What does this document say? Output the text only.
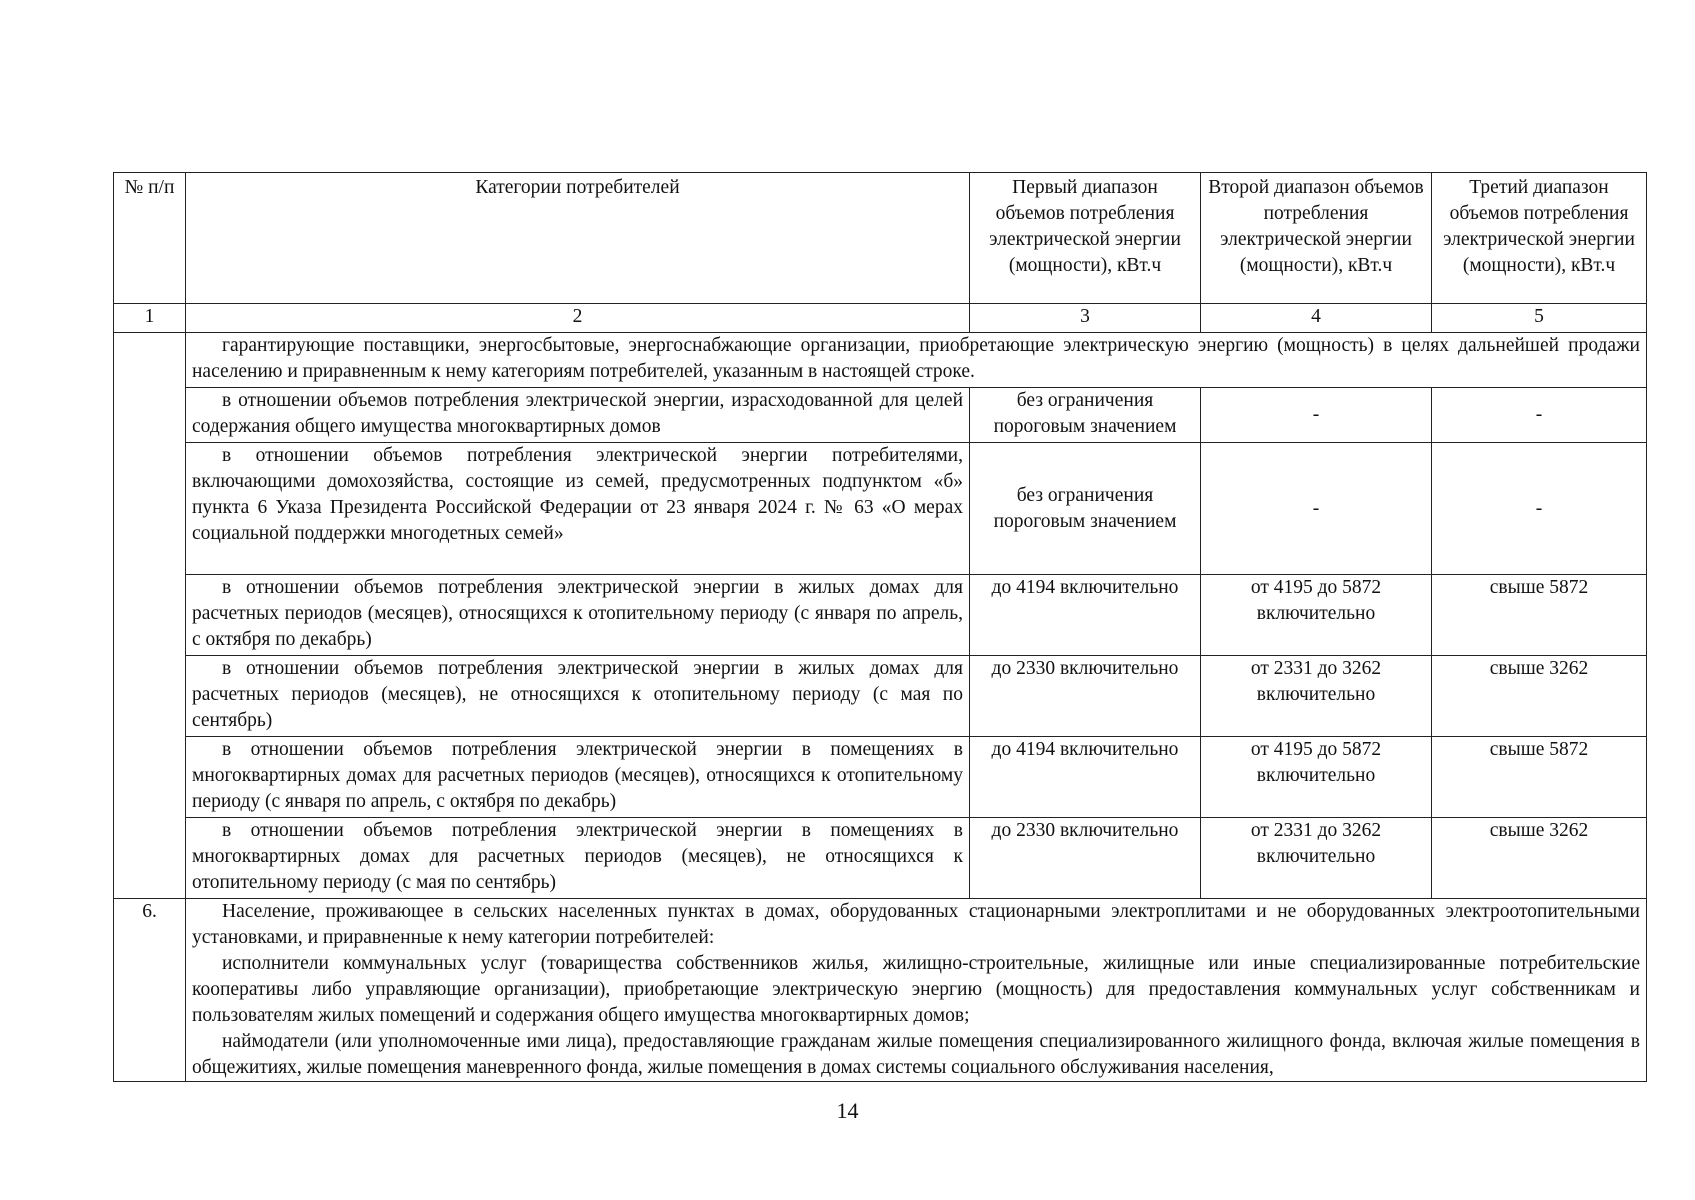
№ п/п	Категории потребителей	Первый диапазон объемов потребления электрической энергии (мощности), кВт.ч	Второй диапазон объемов потребления электрической энергии (мощности), кВт.ч	Третий диапазон объемов потребления электрической энергии (мощности), кВт.ч
1	2	3	4	5
	гарантирующие поставщики, энергосбытовые, энергоснабжающие организации, приобретающие электрическую энергию (мощность) в целях дальнейшей продажи населению и приравненным к нему категориям потребителей, указанным в настоящей строке.			
	в отношении объемов потребления электрической энергии, израсходованной для целей содержания общего имущества многоквартирных домов	без ограничения пороговым значением	-	-
	в отношении объемов потребления электрической энергии потребителями, включающими домохозяйства, состоящие из семей, предусмотренных подпунктом «б» пункта 6 Указа Президента Российской Федерации от 23 января 2024 г. № 63 «О мерах социальной поддержки многодетных семей»	без ограничения пороговым значением	-	-
	в отношении объемов потребления электрической энергии в жилых домах для расчетных периодов (месяцев), относящихся к отопительному периоду (с января по апрель, с октября по декабрь)	до 4194 включительно	от 4195 до 5872 включительно	свыше 5872
	в отношении объемов потребления электрической энергии в жилых домах для расчетных периодов (месяцев), не относящихся к отопительному периоду (с мая по сентябрь)	до 2330 включительно	от 2331 до 3262 включительно	свыше 3262
	в отношении объемов потребления электрической энергии в помещениях в многоквартирных домах для расчетных периодов (месяцев), относящихся к отопительному периоду (с января по апрель, с октября по декабрь)	до 4194 включительно	от 4195 до 5872 включительно	свыше 5872
	в отношении объемов потребления электрической энергии в помещениях в многоквартирных домах для расчетных периодов (месяцев), не относящихся к отопительному периоду (с мая по сентябрь)	до 2330 включительно	от 2331 до 3262 включительно	свыше 3262
6.	Население, проживающее в сельских населенных пунктах в домах, оборудованных стационарными электроплитами и не оборудованных электроотопительными установками, и приравненные к нему категории потребителей:
исполнители коммунальных услуг (товарищества собственников жилья, жилищно-строительные, жилищные или иные специализированные потребительские кооперативы либо управляющие организации), приобретающие электрическую энергию (мощность) для предоставления коммунальных услуг собственникам и пользователям жилых помещений и содержания общего имущества многоквартирных домов;
наймодатели (или уполномоченные ими лица), предоставляющие гражданам жилые помещения специализированного жилищного фонда, включая жилые помещения в общежитиях, жилые помещения маневренного фонда, жилые помещения в домах системы социального обслуживания населения,			
14
